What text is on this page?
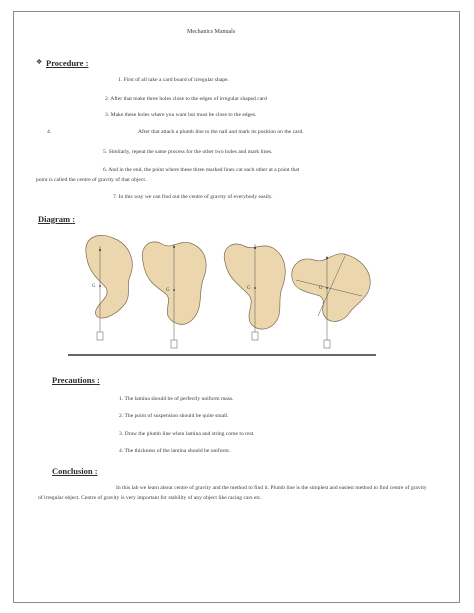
Mechanics Manuals
❖ Procedure :
1. First of all take a card board of irregular shape.
2. After that make three holes close to the edges of irregular shaped card
3. Make these holes where you want but must be close to the edges.
4.	After that attach a plumb line to the nail and mark its position on the card.
5. Similarly, repeat the same process for the other two holes and mark lines.
6. And in the end, the point where these three marked lines cut each other at a point that
point is called the centre of gravity of that object.
7. In this way we can find out the centre of gravity of everybody easily.
Diagram :
G
G	G	G
Precautions :
1. The lamina should be of perfectly uniform mass.
2. The point of suspension should be quite small.
3. Draw the plumb line when lamina and string come to rest.
4. The thickness of the lamina should be uniform.
Conclusion :
In this lab we learn about centre of gravity and the method to find it. Plumb line is the simplest and easiest method to find centre of gravity of irregular object. Centre of gravity is very important for stability of any object like racing cars etc.
